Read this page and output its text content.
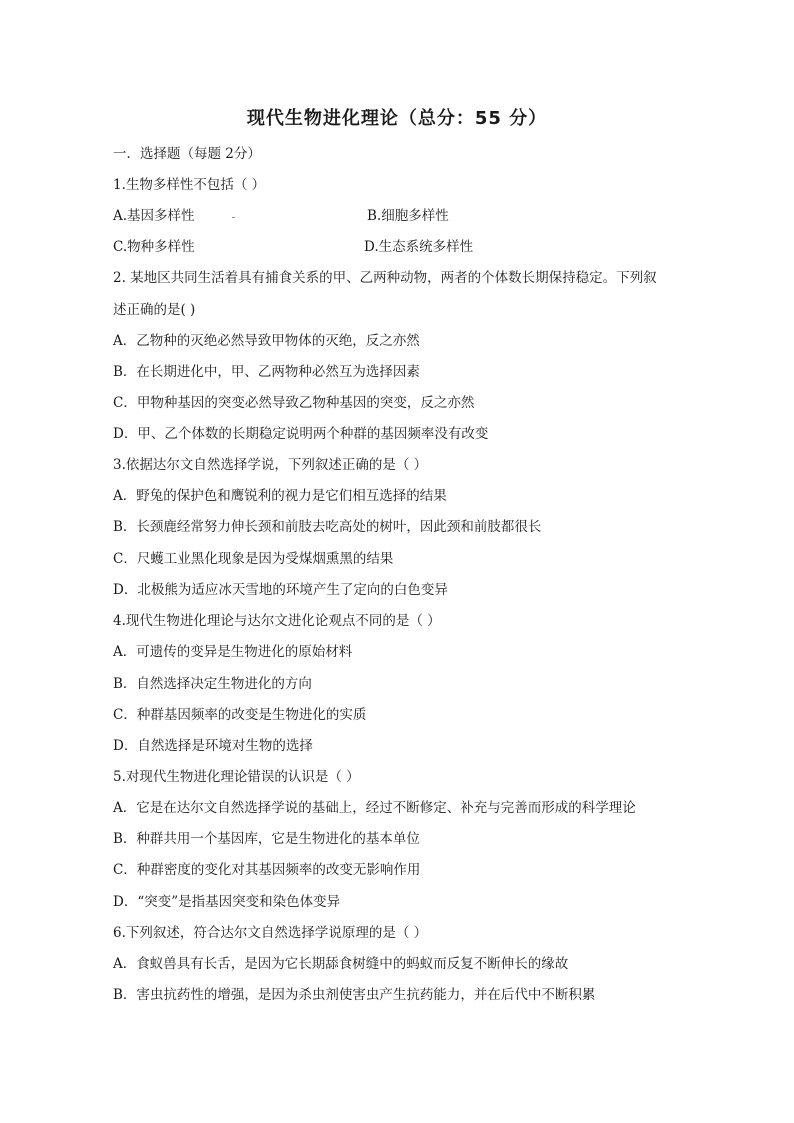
现代生物进化理论（总分：55 分）
一．选择题（每题 2分）
1.生物多样性不包括（ ）
A.基因多样性	B.细胞多样性
C.物种多样性	D.生态系统多样性
2. 某地区共同生活着具有捕食关系的甲、乙两种动物，两者的个体数长期保持稳定。下列叙
述正确的是( )
A．乙物种的灭绝必然导致甲物体的灭绝，反之亦然
B．在长期进化中，甲、乙两物种必然互为选择因素
C．甲物种基因的突变必然导致乙物种基因的突变，反之亦然
D．甲、乙个体数的长期稳定说明两个种群的基因频率没有改变
3.依据达尔文自然选择学说，下列叙述正确的是（ ）
A．野兔的保护色和鹰锐利的视力是它们相互选择的结果
B．长颈鹿经常努力伸长颈和前肢去吃高处的树叶，因此颈和前肢都很长
C．尺蠖工业黑化现象是因为受煤烟熏黑的结果
D．北极熊为适应冰天雪地的环境产生了定向的白色变异
4.现代生物进化理论与达尔文进化论观点不同的是（ ）
A．可遗传的变异是生物进化的原始材料
B．自然选择决定生物进化的方向
C．种群基因频率的改变是生物进化的实质
D．自然选择是环境对生物的选择
5.对现代生物进化理论错误的认识是（ ）
A．它是在达尔文自然选择学说的基础上，经过不断修定、补充与完善而形成的科学理论
B．种群共用一个基因库，它是生物进化的基本单位
C．种群密度的变化对其基因频率的改变无影响作用
D．“突变”是指基因突变和染色体变异
6.下列叙述，符合达尔文自然选择学说原理的是（ ）
A．食蚁兽具有长舌，是因为它长期舔食树缝中的蚂蚁而反复不断伸长的缘故
B．害虫抗药性的增强，是因为杀虫剂使害虫产生抗药能力，并在后代中不断积累
